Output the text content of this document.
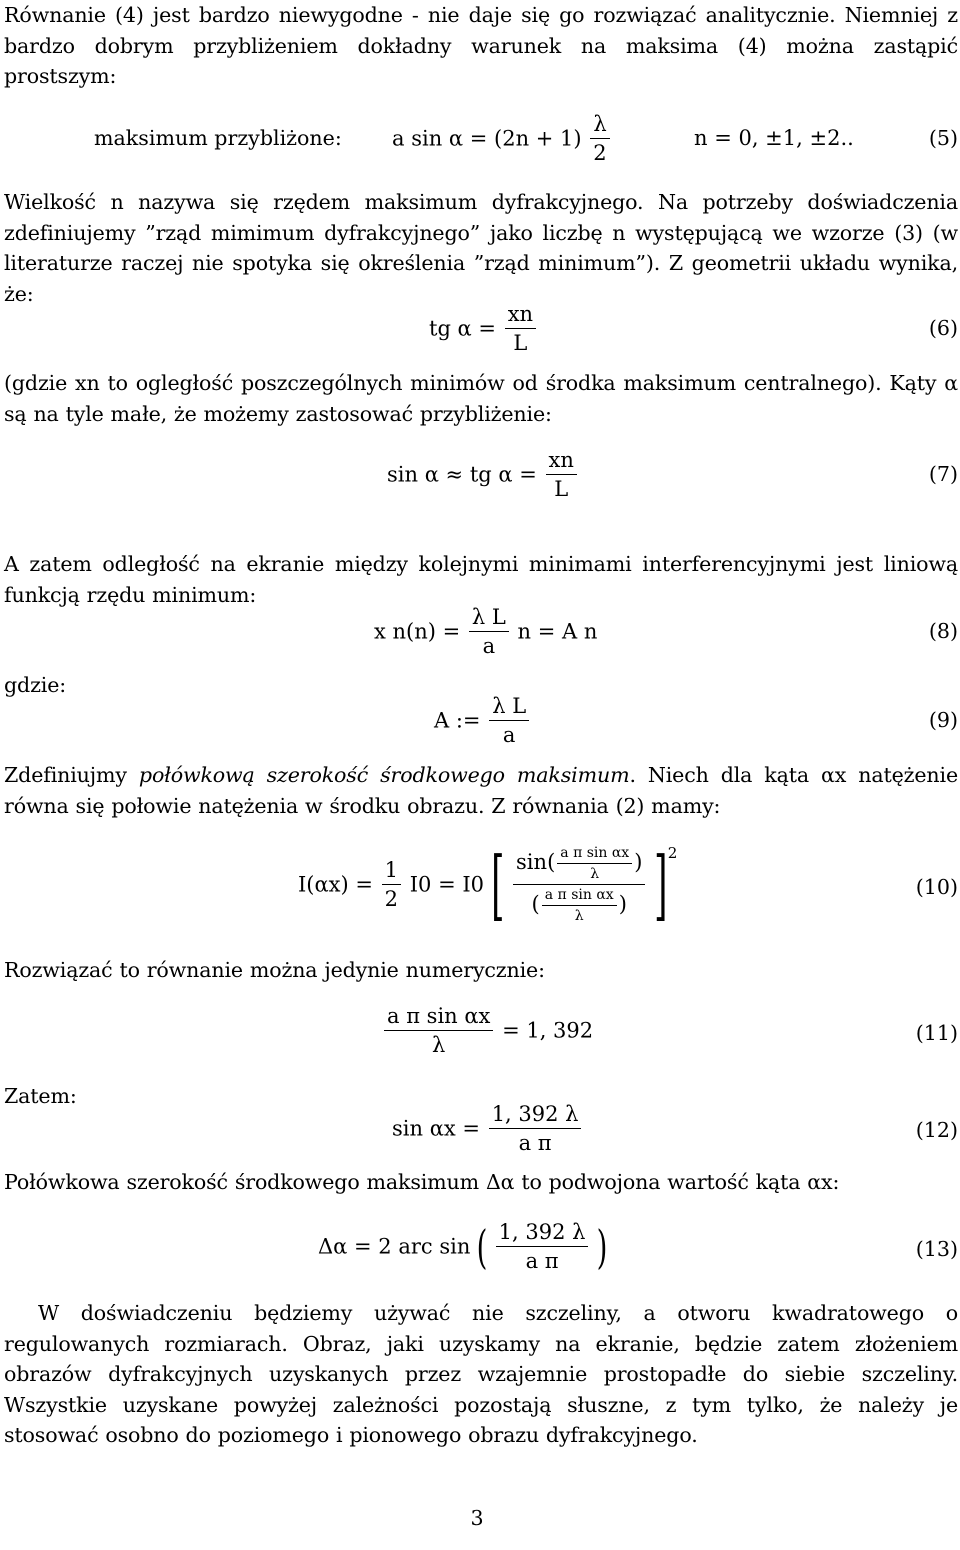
Równanie (4) jest bardzo niewygodne - nie daje się go rozwiązać analitycznie. Niemniej z bardzo dobrym przybliżeniem dokładny warunek na maksima (4) można zastąpić prostszym:

maksimum przybliżone: a $\sin \alpha = (2n + 1) \frac{\lambda}{2}$	n = 0, ±1, ±2..	(5)

Wielkość n nazywa się rzędem maksimum dyfrakcyjnego. Na potrzeby doświadczenia zdefiniujemy ”rząd mimimum dyfrakcyjnego” jako liczbę n występującą we wzorze (3) (w literaturze raczej nie spotyka się określenia ”rząd minimum”). Z geometrii układu wynika, że:

tg $\alpha = \frac{xn}{L}$	(6)

(gdzie xn to ogległość poszczególnych minimów od środka maksimum centralnego). Kąty α są na tyle małe, że możemy zastosować przybliżenie:

sin α ≈ tg $\alpha = \frac{xn}{L}$	(7)

A zatem odległość na ekranie między kolejnymi minimami interferencyjnymi jest liniową funkcją rzędu minimum:

x $n(n) = \frac{\text{λ L}}{a}$ n = A n	(8)

gdzie:

A := $\frac{\text{λ L}}{a}$	(9)

Zdefiniujmy połówkową szerokość środkowego maksimum. Niech dla kąta αx natężenie równa się połowie natężenia w środku obrazu. Z równania (2) mamy:

$I(\alpha x) = \frac{1}{2} I0 = I0$ [ $\frac{\sin( \frac{\text{a π sin αx}}{\lambda} )}{( \frac{\text{a π sin αx}}{\lambda} )} ]^2$
(10)

Rozwiązać to równanie można jedynie numerycznie:

$\frac{\text{a π sin αx}}{\lambda} = 1$, 392	(11)

Zatem:

$\sin \alpha x = \frac{1, 392 \lambda}{\text{a π}}$	(12)

Połówkowa szerokość środkowego maksimum Δα to podwojona wartość kąta αx:

Δα = 2 arc sin ( $\frac{1, 392 \lambda}{\text{a π}}$ )	(13)

W doświadczeniu będziemy używać nie szczeliny, a otworu kwadratowego o regulowanych rozmiarach. Obraz, jaki uzyskamy na ekranie, będzie zatem złożeniem obrazów dyfrakcyjnych uzyskanych przez wzajemnie prostopadłe do siebie szczeliny. Wszystkie uzyskane powyżej zależności pozostają słuszne, z tym tylko, że należy je stosować osobno do poziomego i pionowego obrazu dyfrakcyjnego.

3
